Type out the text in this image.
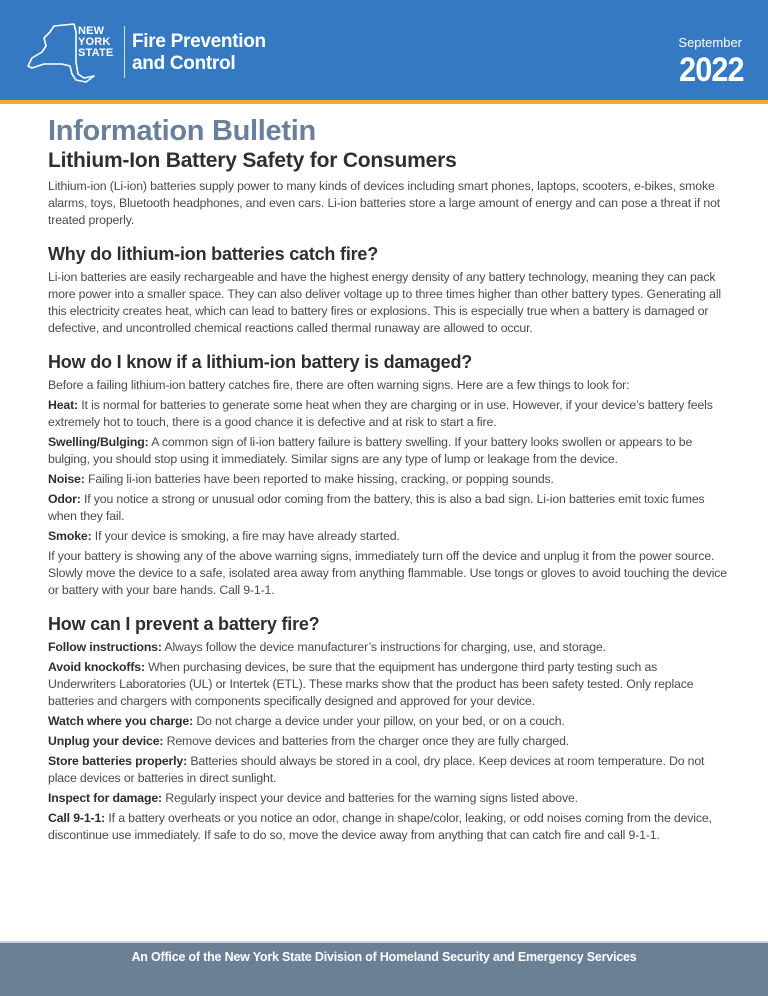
NEW
YORK
STATE
Fire Prevention
and Control
September
2022
Information Bulletin
Lithium-Ion Battery Safety for Consumers

Lithium-ion (Li-ion) batteries supply power to many kinds of devices including smart phones, laptops, scooters, e-bikes, smoke alarms, toys, Bluetooth headphones, and even cars. Li-ion batteries store a large amount of energy and can pose a threat if not treated properly.

Why do lithium-ion batteries catch fire?

Li-ion batteries are easily rechargeable and have the highest energy density of any battery technology, meaning they can pack more power into a smaller space. They can also deliver voltage up to three times higher than other battery types. Generating all this electricity creates heat, which can lead to battery fires or explosions. This is especially true when a battery is damaged or defective, and uncontrolled chemical reactions called thermal runaway are allowed to occur.

How do I know if a lithium-ion battery is damaged?

Before a failing lithium-ion battery catches fire, there are often warning signs. Here are a few things to look for:

Heat: It is normal for batteries to generate some heat when they are charging or in use. However, if your device’s battery feels extremely hot to touch, there is a good chance it is defective and at risk to start a fire.

Swelling/Bulging: A common sign of li-ion battery failure is battery swelling. If your battery looks swollen or appears to be bulging, you should stop using it immediately. Similar signs are any type of lump or leakage from the device.

Noise: Failing li-ion batteries have been reported to make hissing, cracking, or popping sounds.

Odor: If you notice a strong or unusual odor coming from the battery, this is also a bad sign. Li-ion batteries emit toxic fumes when they fail.

Smoke: If your device is smoking, a fire may have already started.

If your battery is showing any of the above warning signs, immediately turn off the device and unplug it from the power source. Slowly move the device to a safe, isolated area away from anything flammable. Use tongs or gloves to avoid touching the device or battery with your bare hands. Call 9-1-1.

How can I prevent a battery fire?

Follow instructions: Always follow the device manufacturer’s instructions for charging, use, and storage.

Avoid knockoffs: When purchasing devices, be sure that the equipment has undergone third party testing such as Underwriters Laboratories (UL) or Intertek (ETL). These marks show that the product has been safety tested. Only replace batteries and chargers with components specifically designed and approved for your device.

Watch where you charge: Do not charge a device under your pillow, on your bed, or on a couch.

Unplug your device: Remove devices and batteries from the charger once they are fully charged.

Store batteries properly: Batteries should always be stored in a cool, dry place. Keep devices at room temperature. Do not place devices or batteries in direct sunlight.

Inspect for damage: Regularly inspect your device and batteries for the warning signs listed above.

Call 9-1-1: If a battery overheats or you notice an odor, change in shape/color, leaking, or odd noises coming from the device, discontinue use immediately. If safe to do so, move the device away from anything that can catch fire and call 9-1-1.

An Office of the New York State Division of Homeland Security and Emergency Services
